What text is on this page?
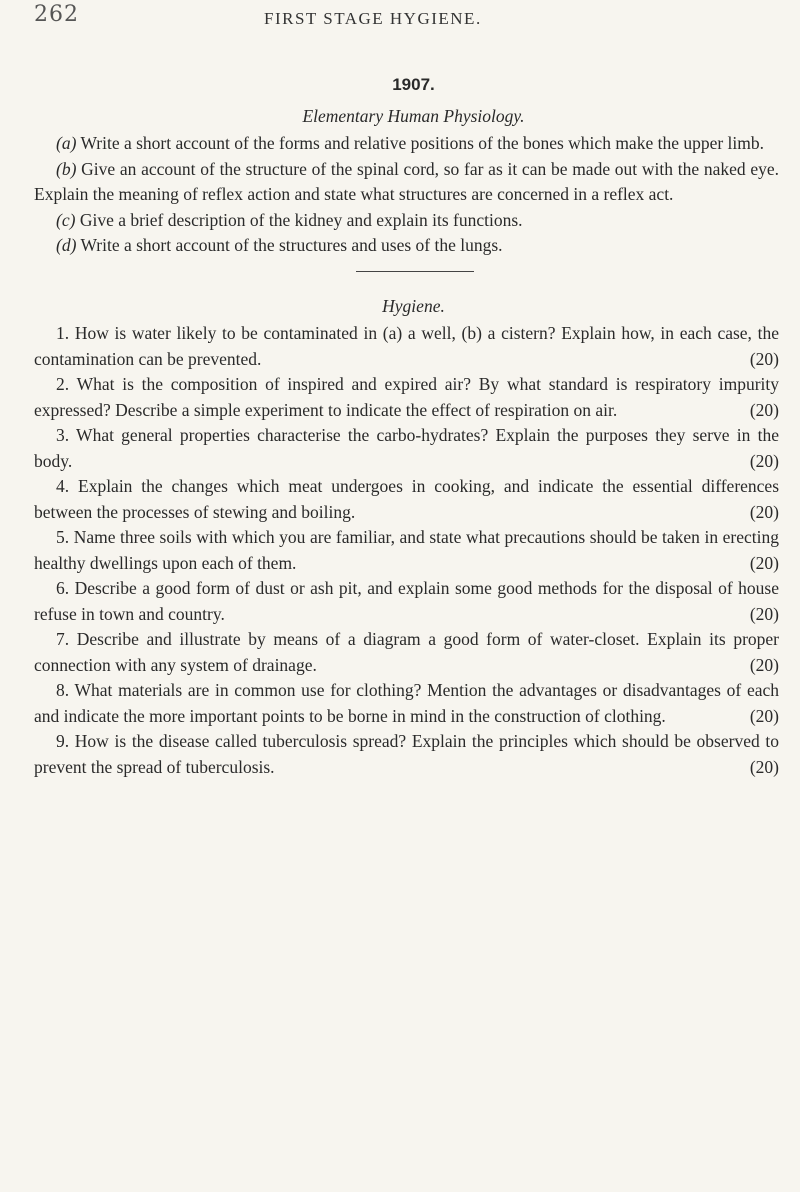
262	FIRST STAGE HYGIENE.
1907.
Elementary Human Physiology.

(a) Write a short account of the forms and relative positions of the bones which make the upper limb.

(b) Give an account of the structure of the spinal cord, so far as it can be made out with the naked eye. Explain the meaning of reflex action and state what structures are concerned in a reflex act.

(c) Give a brief description of the kidney and explain its functions.

(d) Write a short account of the structures and uses of the lungs.

Hygiene.

1. How is water likely to be contaminated in (a) a well, (b) a cistern? Explain how, in each case, the contamination can be prevented.	(20)

2. What is the composition of inspired and expired air? By what standard is respiratory impurity expressed? Describe a simple experiment to indicate the effect of respiration on air.	(20)

3. What general properties characterise the carbo-hydrates? Explain the purposes they serve in the body.	(20)

4. Explain the changes which meat undergoes in cooking, and indicate the essential differences between the processes of stewing and boiling.	(20)

5. Name three soils with which you are familiar, and state what precautions should be taken in erecting healthy dwellings upon each of them.	(20)

6. Describe a good form of dust or ash pit, and explain some good methods for the disposal of house refuse in town and country.	(20)

7. Describe and illustrate by means of a diagram a good form of water-closet. Explain its proper connection with any system of drainage.	(20)

8. What materials are in common use for clothing? Mention the advantages or disadvantages of each and indicate the more important points to be borne in mind in the construction of clothing.	(20)

9. How is the disease called tuberculosis spread? Explain the principles which should be observed to prevent the spread of tuberculosis.	(20)
